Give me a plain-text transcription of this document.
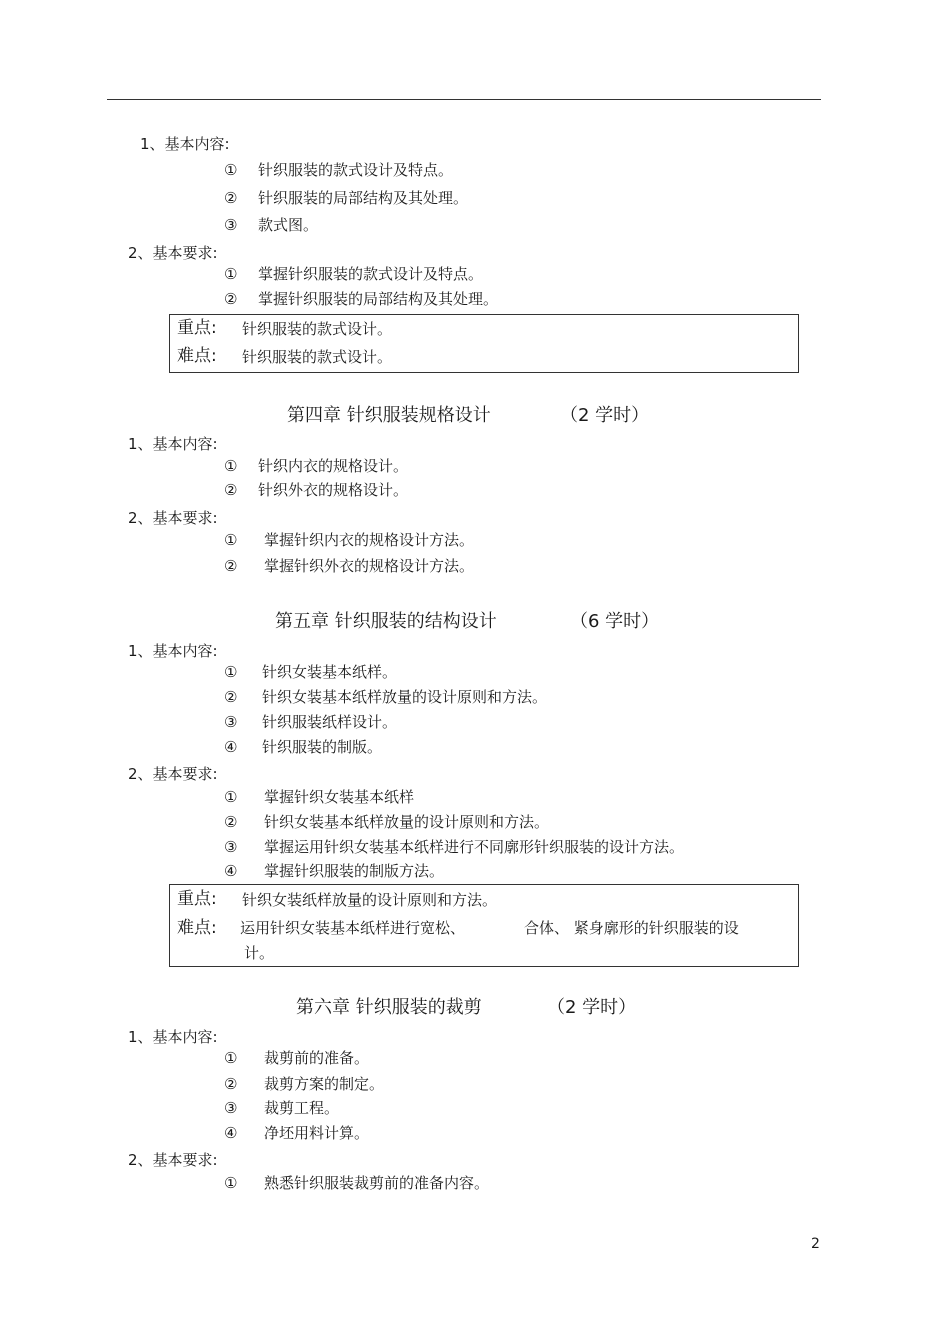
1、基本内容:
① 针织服装的款式设计及特点。
② 针织服装的局部结构及其处理。
③ 款式图。
2、基本要求:
① 掌握针织服装的款式设计及特点。
② 掌握针织服装的局部结构及其处理。
重点: 针织服装的款式设计。
难点: 针织服装的款式设计。
第四章 针织服装规格设计	（2 学时）
1、基本内容:
① 针织内衣的规格设计。
② 针织外衣的规格设计。
2、基本要求:
① 掌握针织内衣的规格设计方法。
② 掌握针织外衣的规格设计方法。
第五章 针织服装的结构设计	（6 学时）
1、基本内容:
① 针织女装基本纸样。
② 针织女装基本纸样放量的设计原则和方法。
③ 针织服装纸样设计。
④ 针织服装的制版。
2、基本要求:
① 掌握针织女装基本纸样
② 针织女装基本纸样放量的设计原则和方法。
③ 掌握运用针织女装基本纸样进行不同廓形针织服装的设计方法。
④ 掌握针织服装的制版方法。
重点: 针织女装纸样放量的设计原则和方法。
难点: 运用针织女装基本纸样进行宽松、	合体、 紧身廓形的针织服装的设
计。
第六章 针织服装的裁剪	（2 学时）
1、基本内容:
① 裁剪前的准备。
② 裁剪方案的制定。
③ 裁剪工程。
④ 净坯用料计算。
2、基本要求:
① 熟悉针织服装裁剪前的准备内容。
2
